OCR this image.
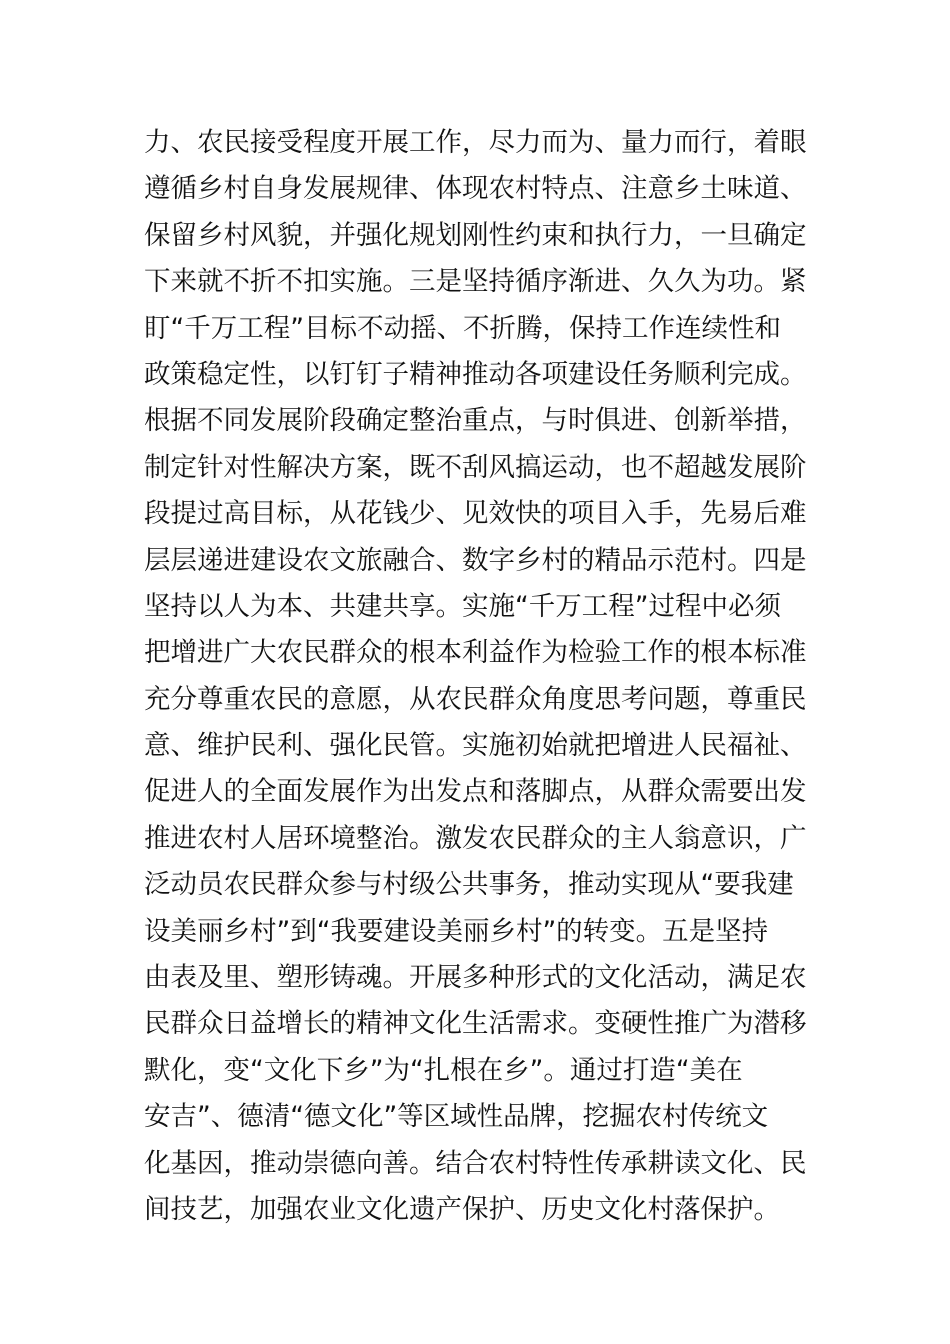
力、农民接受程度开展工作，尽力而为、量力而行，着眼
遵循乡村自身发展规律、体现农村特点、注意乡土味道、
保留乡村风貌，并强化规划刚性约束和执行力，一旦确定
下来就不折不扣实施。三是坚持循序渐进、久久为功。紧
盯“千万工程”目标不动摇、不折腾，保持工作连续性和
政策稳定性，以钉钉子精神推动各项建设任务顺利完成。
根据不同发展阶段确定整治重点，与时俱进、创新举措，
制定针对性解决方案，既不刮风搞运动，也不超越发展阶
段提过高目标，从花钱少、见效快的项目入手，先易后难
层层递进建设农文旅融合、数字乡村的精品示范村。四是
坚持以人为本、共建共享。实施“千万工程”过程中必须
把增进广大农民群众的根本利益作为检验工作的根本标准
充分尊重农民的意愿，从农民群众角度思考问题，尊重民
意、维护民利、强化民管。实施初始就把增进人民福祉、
促进人的全面发展作为出发点和落脚点，从群众需要出发
推进农村人居环境整治。激发农民群众的主人翁意识，广
泛动员农民群众参与村级公共事务，推动实现从“要我建
设美丽乡村”到“我要建设美丽乡村”的转变。五是坚持
由表及里、塑形铸魂。开展多种形式的文化活动，满足农
民群众日益增长的精神文化生活需求。变硬性推广为潜移
默化，变“文化下乡”为“扎根在乡”。通过打造“美在
安吉”、德清“德文化”等区域性品牌，挖掘农村传统文
化基因，推动崇德向善。结合农村特性传承耕读文化、民
间技艺，加强农业文化遗产保护、历史文化村落保护。
